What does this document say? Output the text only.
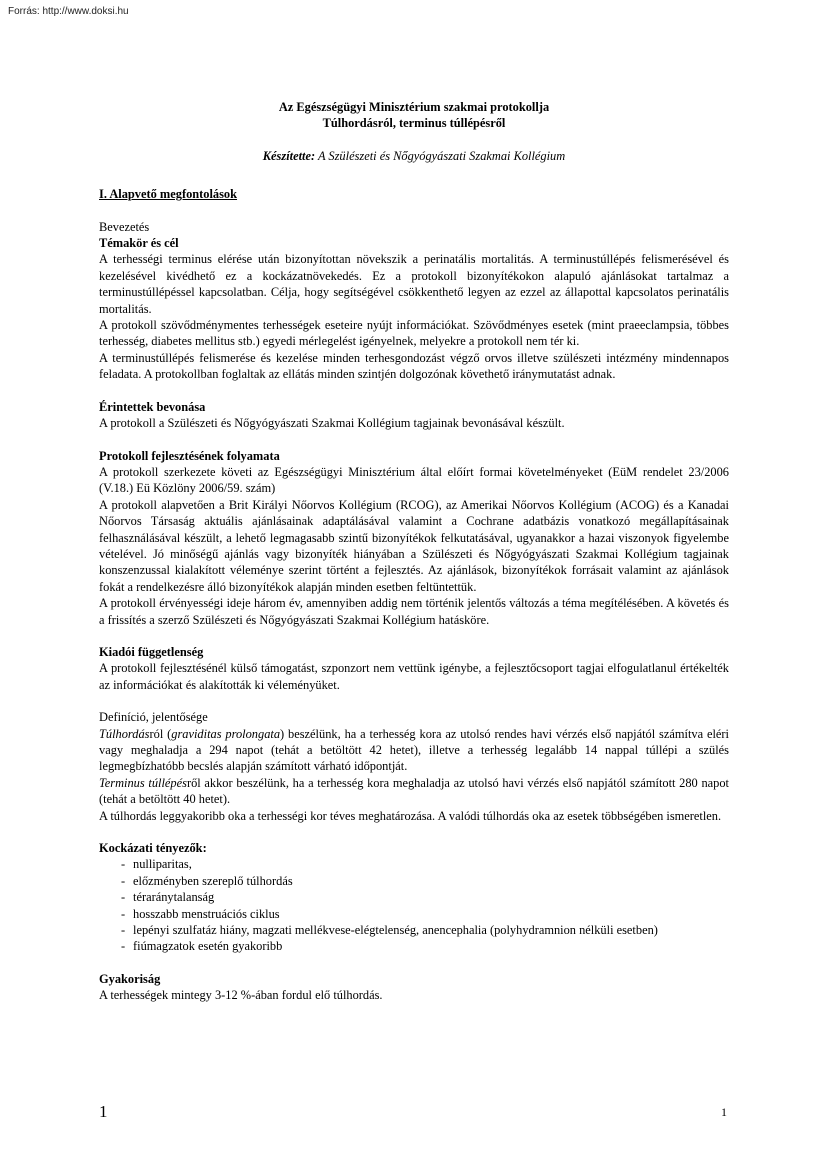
Forrás: http://www.doksi.hu
Az Egészségügyi Minisztérium szakmai protokollja
Túlhordásról, terminus túllépésről
Készítette: A Szülészeti és Nőgyógyászati Szakmai Kollégium
I. Alapvető megfontolások
Bevezetés
Témakör és cél

A terhességi terminus elérése után bizonyítottan növekszik a perinatális mortalitás. A terminustúllépés felismerésével és kezelésével kivédhető ez a kockázatnövekedés. Ez a protokoll bizonyítékokon alapuló ajánlásokat tartalmaz a terminustúllépéssel kapcsolatban. Célja, hogy segítségével csökkenthető legyen az ezzel az állapottal kapcsolatos perinatális mortalitás.

A protokoll szövődménymentes terhességek eseteire nyújt információkat. Szövődményes esetek (mint praeeclampsia, többes terhesség, diabetes mellitus stb.) egyedi mérlegelést igényelnek, melyekre a protokoll nem tér ki.

A terminustúllépés felismerése és kezelése minden terhesgondozást végző orvos illetve szülészeti intézmény mindennapos feladata. A protokollban foglaltak az ellátás minden szintjén dolgozónak követhető iránymutatást adnak.

Érintettek bevonása

A protokoll a Szülészeti és Nőgyógyászati Szakmai Kollégium tagjainak bevonásával készült.

Protokoll fejlesztésének folyamata

A protokoll szerkezete követi az Egészségügyi Minisztérium által előírt formai követelményeket (EüM rendelet 23/2006 (V.18.) Eü Közlöny 2006/59. szám)

A protokoll alapvetően a Brit Királyi Nőorvos Kollégium (RCOG), az Amerikai Nőorvos Kollégium (ACOG) és a Kanadai Nőorvos Társaság aktuális ajánlásainak adaptálásával valamint a Cochrane adatbázis vonatkozó megállapításainak felhasználásával készült, a lehető legmagasabb szintű bizonyítékok felkutatásával, ugyanakkor a hazai viszonyok figyelembe vételével. Jó minőségű ajánlás vagy bizonyíték hiányában a Szülészeti és Nőgyógyászati Szakmai Kollégium tagjainak konszenzussal kialakított véleménye szerint történt a fejlesztés. Az ajánlások, bizonyítékok forrásait valamint az ajánlások fokát a rendelkezésre álló bizonyítékok alapján minden esetben feltüntettük.

A protokoll érvényességi ideje három év, amennyiben addig nem történik jelentős változás a téma megítélésében. A követés és a frissítés a szerző Szülészeti és Nőgyógyászati Szakmai Kollégium hatásköre.

Kiadói függetlenség

A protokoll fejlesztésénél külső támogatást, szponzort nem vettünk igénybe, a fejlesztőcsoport tagjai elfogulatlanul értékelték az információkat és alakították ki véleményüket.

Definíció, jelentősége

Túlhordásról (graviditas prolongata) beszélünk, ha a terhesség kora az utolsó rendes havi vérzés első napjától számítva eléri vagy meghaladja a 294 napot (tehát a betöltött 42 hetet), illetve a terhesség legalább 14 nappal túllépi a szülés legmegbízhatóbb becslés alapján számított várható időpontját.

Terminus túllépésről akkor beszélünk, ha a terhesség kora meghaladja az utolsó havi vérzés első napjától számított 280 napot (tehát a betöltött 40 hetet).

A túlhordás leggyakoribb oka a terhességi kor téves meghatározása. A valódi túlhordás oka az esetek többségében ismeretlen.

Kockázati tényezők:
- nulliparitas,
- előzményben szereplő túlhordás
- téraránytalanság
- hosszabb menstruációs ciklus
- lepényi szulfatáz hiány, magzati mellékvese-elégtelenség, anencephalia (polyhydramnion nélküli esetben)
- fiúmagzatok esetén gyakoribb
Gyakoriság

A terhességek mintegy 3-12 %-ában fordul elő túlhordás.

1	1
